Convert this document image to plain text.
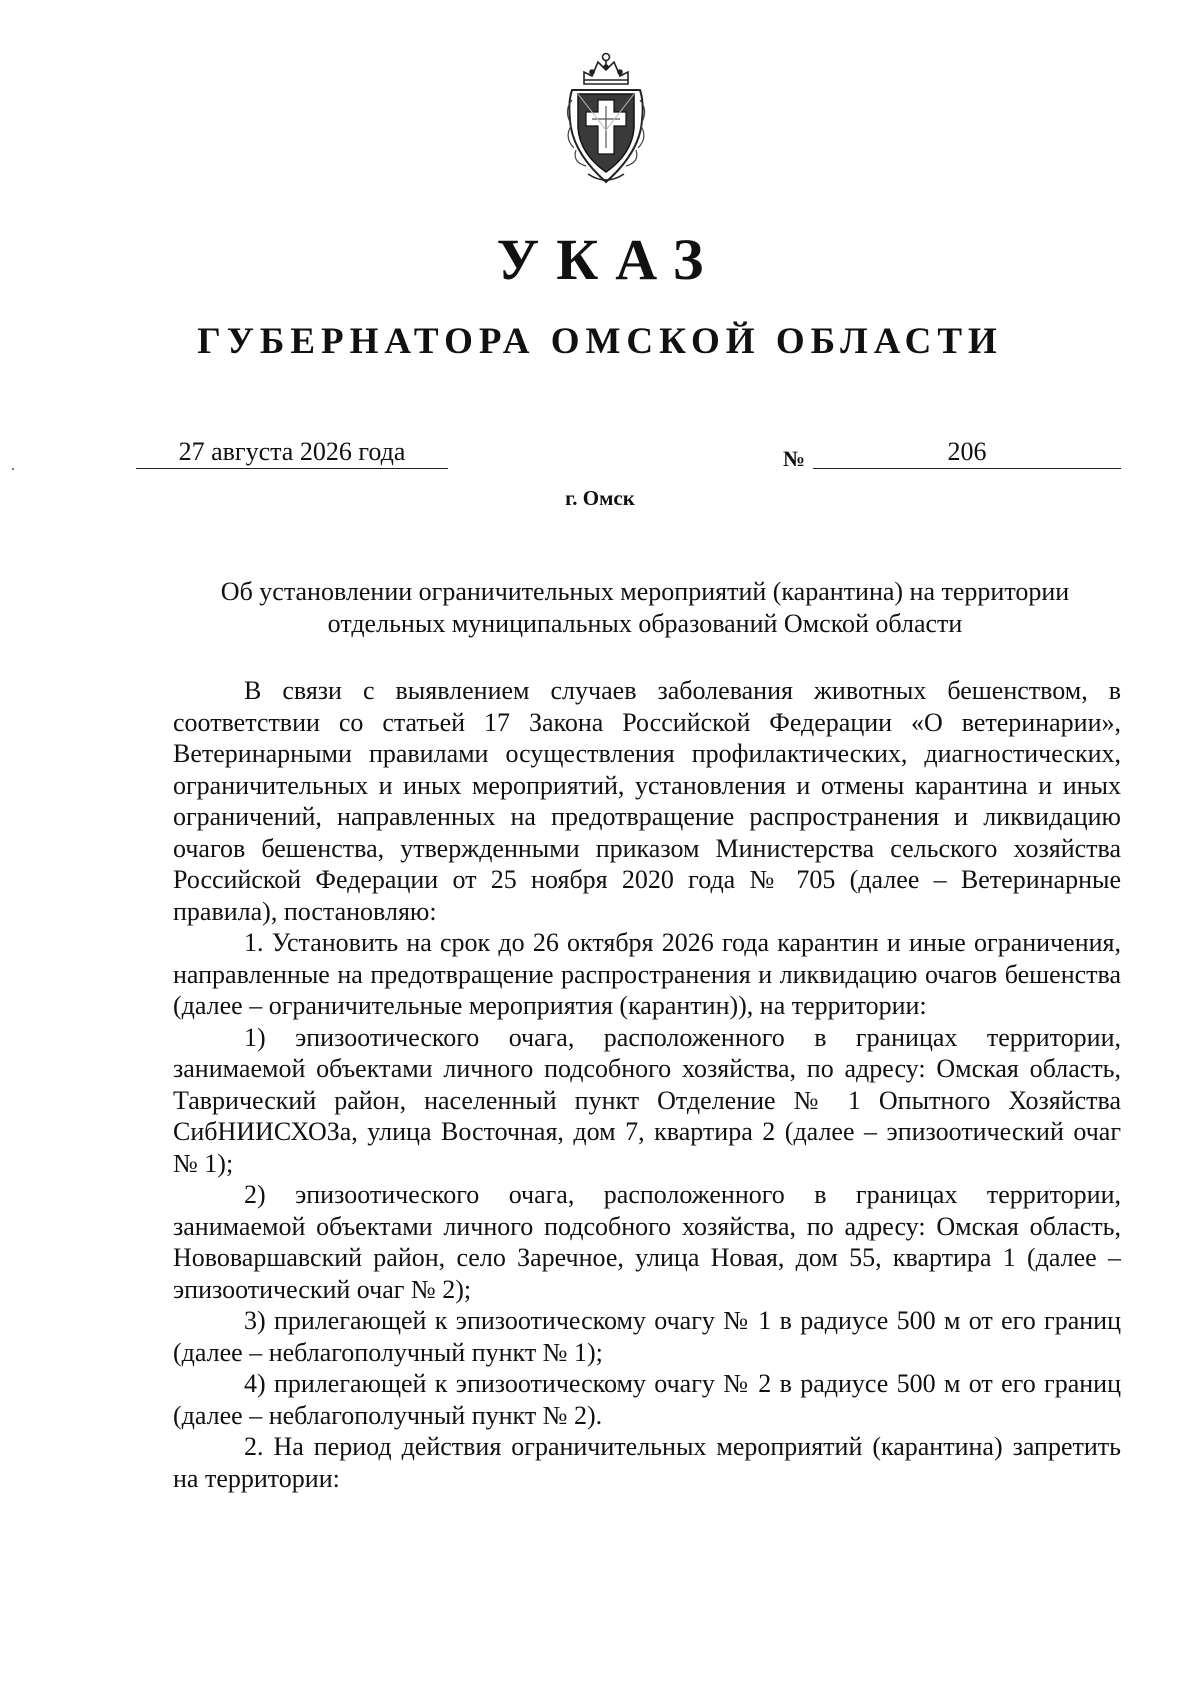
УКАЗ
ГУБЕРНАТОРА ОМСКОЙ ОБЛАСТИ
27 августа 2026 года	№	206
г. Омск
Об установлении ограничительных мероприятий (карантина) на территории отдельных муниципальных образований Омской области

В связи с выявлением случаев заболевания животных бешенством, в соответствии со статьей 17 Закона Российской Федерации «О ветеринарии», Ветеринарными правилами осуществления профилактических, диагностических, ограничительных и иных мероприятий, установления и отмены карантина и иных ограничений, направленных на предотвращение распространения и ликвидацию очагов бешенства, утвержденными приказом Министерства сельского хозяйства Российской Федерации от 25 ноября 2020 года № 705 (далее – Ветеринарные правила), постановляю:

1. Установить на срок до 26 октября 2026 года карантин и иные ограничения, направленные на предотвращение распространения и ликвидацию очагов бешенства (далее – ограничительные мероприятия (карантин)), на территории:

1) эпизоотического очага, расположенного в границах территории, занимаемой объектами личного подсобного хозяйства, по адресу: Омская область, Таврический район, населенный пункт Отделение № 1 Опытного Хозяйства СибНИИСХОЗа, улица Восточная, дом 7, квартира 2 (далее – эпизоотический очаг № 1);

2) эпизоотического очага, расположенного в границах территории, занимаемой объектами личного подсобного хозяйства, по адресу: Омская область, Нововаршавский район, село Заречное, улица Новая, дом 55, квартира 1 (далее – эпизоотический очаг № 2);

3) прилегающей к эпизоотическому очагу № 1 в радиусе 500 м от его границ (далее – неблагополучный пункт № 1);

4) прилегающей к эпизоотическому очагу № 2 в радиусе 500 м от его границ (далее – неблагополучный пункт № 2).

2. На период действия ограничительных мероприятий (карантина) запретить на территории:
